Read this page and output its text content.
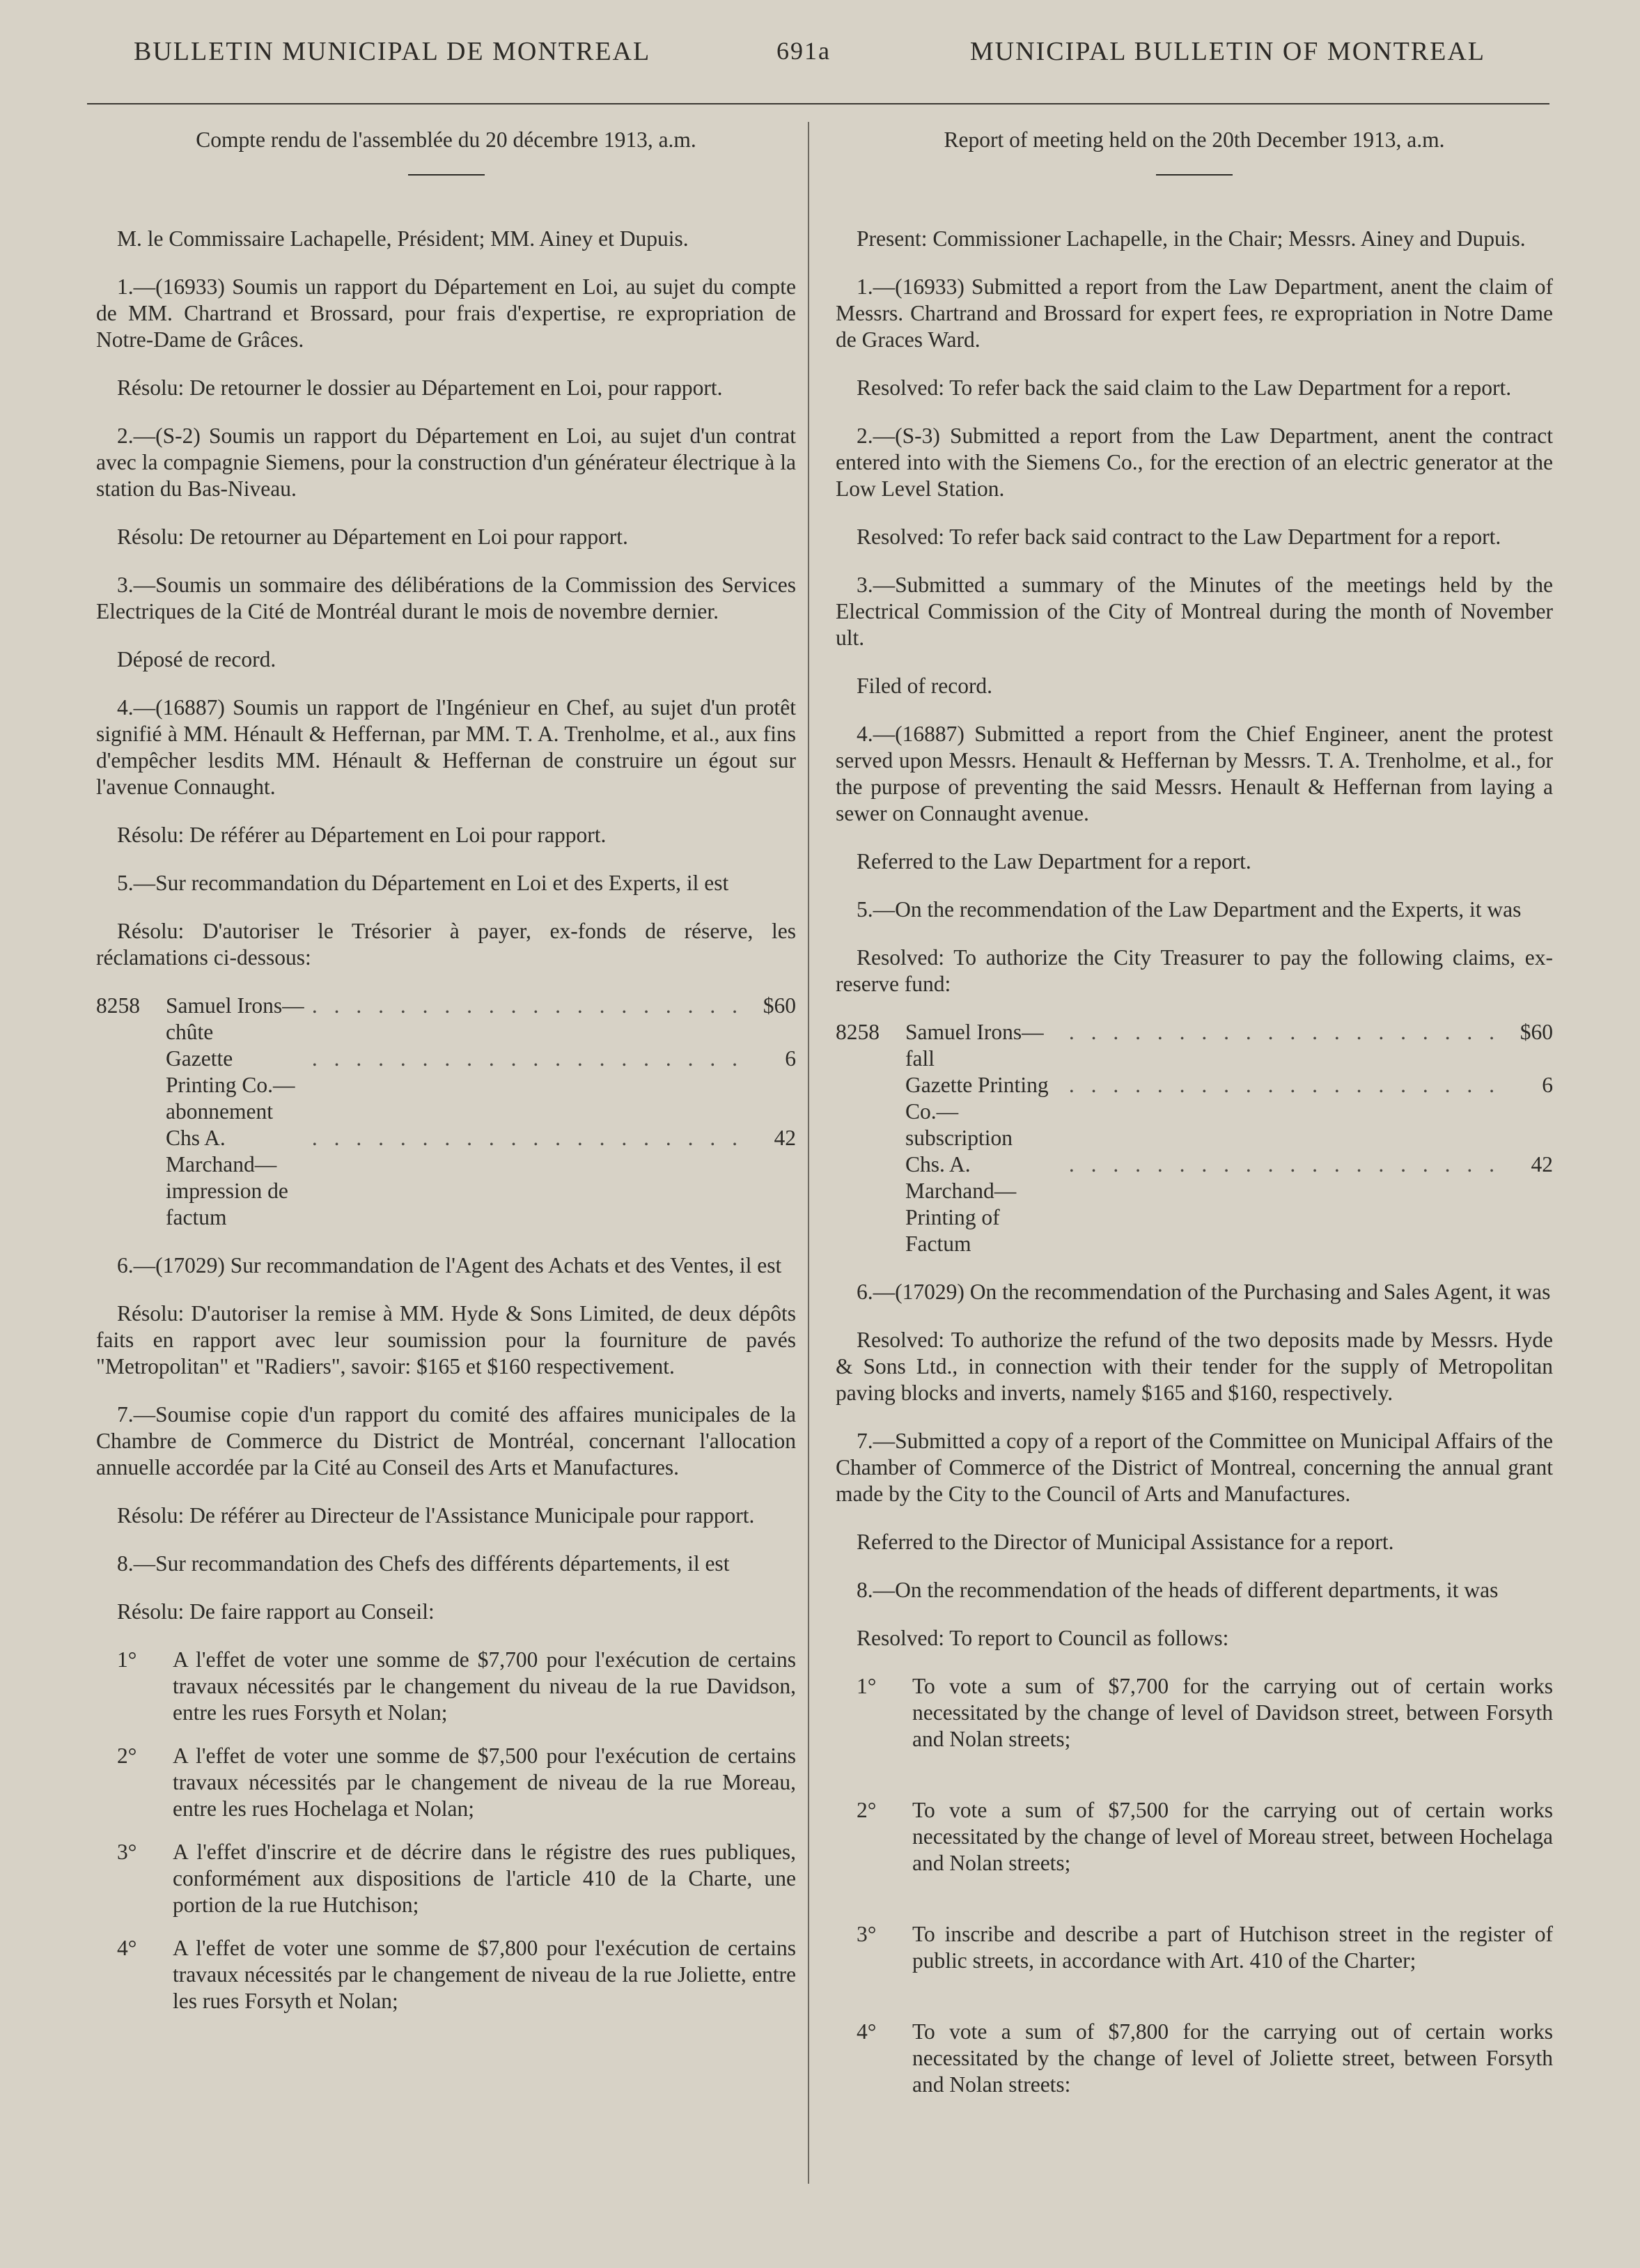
BULLETIN MUNICIPAL DE MONTREAL	691a	MUNICIPAL BULLETIN OF MONTREAL

Compte rendu de l'assemblée du 20 décembre 1913, a.m.

M. le Commissaire Lachapelle, Président; MM. Ainey et Dupuis.

1.—(16933) Soumis un rapport du Département en Loi, au sujet du compte de MM. Chartrand et Brossard, pour frais d'expertise, re expropriation de Notre-Dame de Grâces.

Résolu: De retourner le dossier au Département en Loi, pour rapport.

2.—(S-2) Soumis un rapport du Département en Loi, au sujet d'un contrat avec la compagnie Siemens, pour la construction d'un générateur électrique à la station du Bas-Niveau.

Résolu: De retourner au Département en Loi pour rapport.

3.—Soumis un sommaire des délibérations de la Commission des Services Electriques de la Cité de Montréal durant le mois de novembre dernier.

Déposé de record.

4.—(16887) Soumis un rapport de l'Ingénieur en Chef, au sujet d'un protêt signifié à MM. Hénault & Heffernan, par MM. T. A. Trenholme, et al., aux fins d'empêcher lesdits MM. Hénault & Heffernan de construire un égout sur l'avenue Connaught.

Résolu: De référer au Département en Loi pour rapport.

5.—Sur recommandation du Département en Loi et des Experts, il est

Résolu: D'autoriser le Trésorier à payer, ex-fonds de réserve, les réclamations ci-dessous:

8258	Samuel Irons—chûte
. . . . . . . . . . . . . . . . . . . . $60
Gazette Printing Co.—abonnement
. . . . . . . . . . . . . . . . . . . .	6
Chs A. Marchand—impression de factum
. . . . . . . . . . . . . . . . . . . .	42

6.—(17029) Sur recommandation de l'Agent des Achats et des Ventes, il est

Résolu: D'autoriser la remise à MM. Hyde & Sons Limited, de deux dépôts faits en rapport avec leur soumission pour la fourniture de pavés "Metropolitan" et "Radiers", savoir: $165 et $160 respectivement.

7.—Soumise copie d'un rapport du comité des affaires municipales de la Chambre de Commerce du District de Montréal, concernant l'allocation annuelle accordée par la Cité au Conseil des Arts et Manufactures.

Résolu: De référer au Directeur de l'Assistance Municipale pour rapport.

8.—Sur recommandation des Chefs des différents départements, il est

Résolu: De faire rapport au Conseil:

1°	A l'effet de voter une somme de $7,700 pour l'exécution de certains travaux nécessités par le changement du niveau de la rue Davidson, entre les rues Forsyth et Nolan;
2°	A l'effet de voter une somme de $7,500 pour l'exécution de certains travaux nécessités par le changement de niveau de la rue Moreau, entre les rues Hochelaga et Nolan;
3°	A l'effet d'inscrire et de décrire dans le régistre des rues publiques, conformément aux dispositions de l'article 410 de la Charte, une portion de la rue Hutchison;
4°	A l'effet de voter une somme de $7,800 pour l'exécution de certains travaux nécessités par le changement de niveau de la rue Joliette, entre les rues Forsyth et Nolan;

Report of meeting held on the 20th December 1913, a.m.

Present: Commissioner Lachapelle, in the Chair; Messrs. Ainey and Dupuis.

1.—(16933) Submitted a report from the Law Department, anent the claim of Messrs. Chartrand and Brossard for expert fees, re expropriation in Notre Dame de Graces Ward.

Resolved: To refer back the said claim to the Law Department for a report.

2.—(S-3) Submitted a report from the Law Department, anent the contract entered into with the Siemens Co., for the erection of an electric generator at the Low Level Station.

Resolved: To refer back said contract to the Law Department for a report.

3.—Submitted a summary of the Minutes of the meetings held by the Electrical Commission of the City of Montreal during the month of November ult.

Filed of record.

4.—(16887) Submitted a report from the Chief Engineer, anent the protest served upon Messrs. Henault & Heffernan by Messrs. T. A. Trenholme, et al., for the purpose of preventing the said Messrs. Henault & Heffernan from laying a sewer on Connaught avenue.

Referred to the Law Department for a report.

5.—On the recommendation of the Law Department and the Experts, it was

Resolved: To authorize the City Treasurer to pay the following claims, ex-reserve fund:

8258	Samuel Irons—fall
. . . . . . . . . . . . . . . . . . . . $60
Gazette Printing Co.—subscription
. . . . . . . . . . . . . . . . . . . .	6
Chs. A. Marchand—Printing of Factum
. . . . . . . . . . . . . . . . . . . .	42

6.—(17029) On the recommendation of the Purchasing and Sales Agent, it was

Resolved: To authorize the refund of the two deposits made by Messrs. Hyde & Sons Ltd., in connection with their tender for the supply of Metropolitan paving blocks and inverts, namely $165 and $160, respectively.

7.—Submitted a copy of a report of the Committee on Municipal Affairs of the Chamber of Commerce of the District of Montreal, concerning the annual grant made by the City to the Council of Arts and Manufactures.

Referred to the Director of Municipal Assistance for a report.

8.—On the recommendation of the heads of different departments, it was

Resolved: To report to Council as follows:

1°	To vote a sum of $7,700 for the carrying out of certain works necessitated by the change of level of Davidson street, between Forsyth and Nolan streets;
2°	To vote a sum of $7,500 for the carrying out of certain works necessitated by the change of level of Moreau street, between Hochelaga and Nolan streets;
3°	To inscribe and describe a part of Hutchison street in the register of public streets, in accordance with Art. 410 of the Charter;
4°	To vote a sum of $7,800 for the carrying out of certain works necessitated by the change of level of Joliette street, between Forsyth and Nolan streets:
